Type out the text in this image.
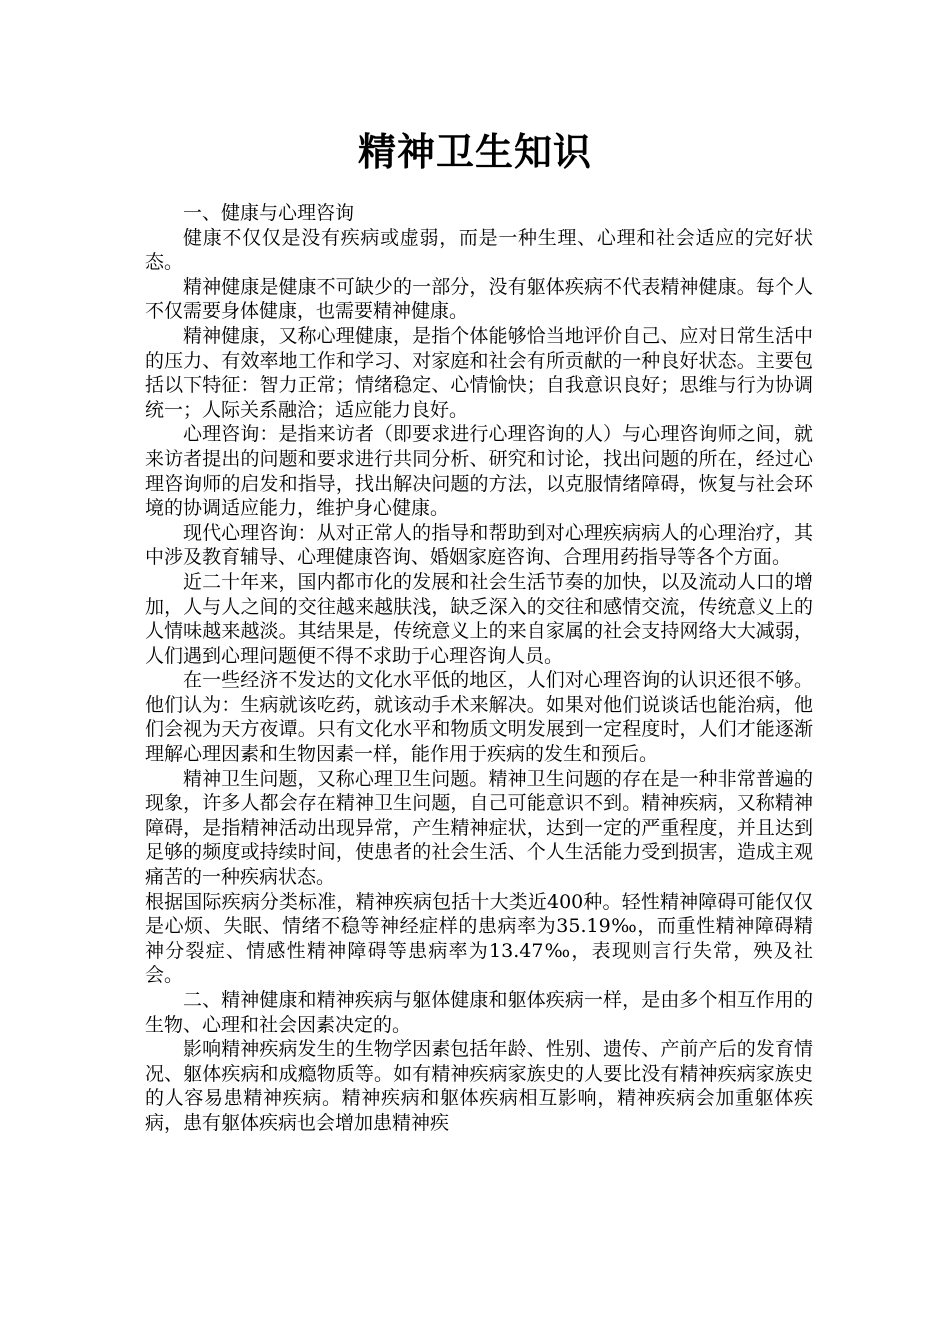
精神卫生知识

一、健康与心理咨询

健康不仅仅是没有疾病或虚弱，而是一种生理、心理和社会适应的完好状态。

精神健康是健康不可缺少的一部分，没有躯体疾病不代表精神健康。每个人不仅需要身体健康，也需要精神健康。

精神健康，又称心理健康，是指个体能够恰当地评价自己、应对日常生活中的压力、有效率地工作和学习、对家庭和社会有所贡献的一种良好状态。主要包括以下特征：智力正常；情绪稳定、心情愉快；自我意识良好；思维与行为协调统一；人际关系融洽；适应能力良好。

心理咨询：是指来访者（即要求进行心理咨询的人）与心理咨询师之间，就来访者提出的问题和要求进行共同分析、研究和讨论，找出问题的所在，经过心理咨询师的启发和指导，找出解决问题的方法，以克服情绪障碍，恢复与社会环境的协调适应能力，维护身心健康。

现代心理咨询：从对正常人的指导和帮助到对心理疾病病人的心理治疗，其中涉及教育辅导、心理健康咨询、婚姻家庭咨询、合理用药指导等各个方面。

近二十年来，国内都市化的发展和社会生活节奏的加快，以及流动人口的增加，人与人之间的交往越来越肤浅，缺乏深入的交往和感情交流，传统意义上的人情味越来越淡。其结果是，传统意义上的来自家属的社会支持网络大大减弱，人们遇到心理问题便不得不求助于心理咨询人员。

在一些经济不发达的文化水平低的地区，人们对心理咨询的认识还很不够。他们认为：生病就该吃药，就该动手术来解决。如果对他们说谈话也能治病，他们会视为天方夜谭。只有文化水平和物质文明发展到一定程度时，人们才能逐渐理解心理因素和生物因素一样，能作用于疾病的发生和预后。

精神卫生问题，又称心理卫生问题。精神卫生问题的存在是一种非常普遍的现象，许多人都会存在精神卫生问题，自己可能意识不到。精神疾病，又称精神障碍，是指精神活动出现异常，产生精神症状，达到一定的严重程度，并且达到足够的频度或持续时间，使患者的社会生活、个人生活能力受到损害，造成主观痛苦的一种疾病状态。

根据国际疾病分类标准，精神疾病包括十大类近400种。轻性精神障碍可能仅仅是心烦、失眠、情绪不稳等神经症样的患病率为35.19‰，而重性精神障碍精神分裂症、情感性精神障碍等患病率为13.47‰，表现则言行失常，殃及社会。

二、精神健康和精神疾病与躯体健康和躯体疾病一样，是由多个相互作用的生物、心理和社会因素决定的。

影响精神疾病发生的生物学因素包括年龄、性别、遗传、产前产后的发育情况、躯体疾病和成瘾物质等。如有精神疾病家族史的人要比没有精神疾病家族史的人容易患精神疾病。精神疾病和躯体疾病相互影响，精神疾病会加重躯体疾病，患有躯体疾病也会增加患精神疾
